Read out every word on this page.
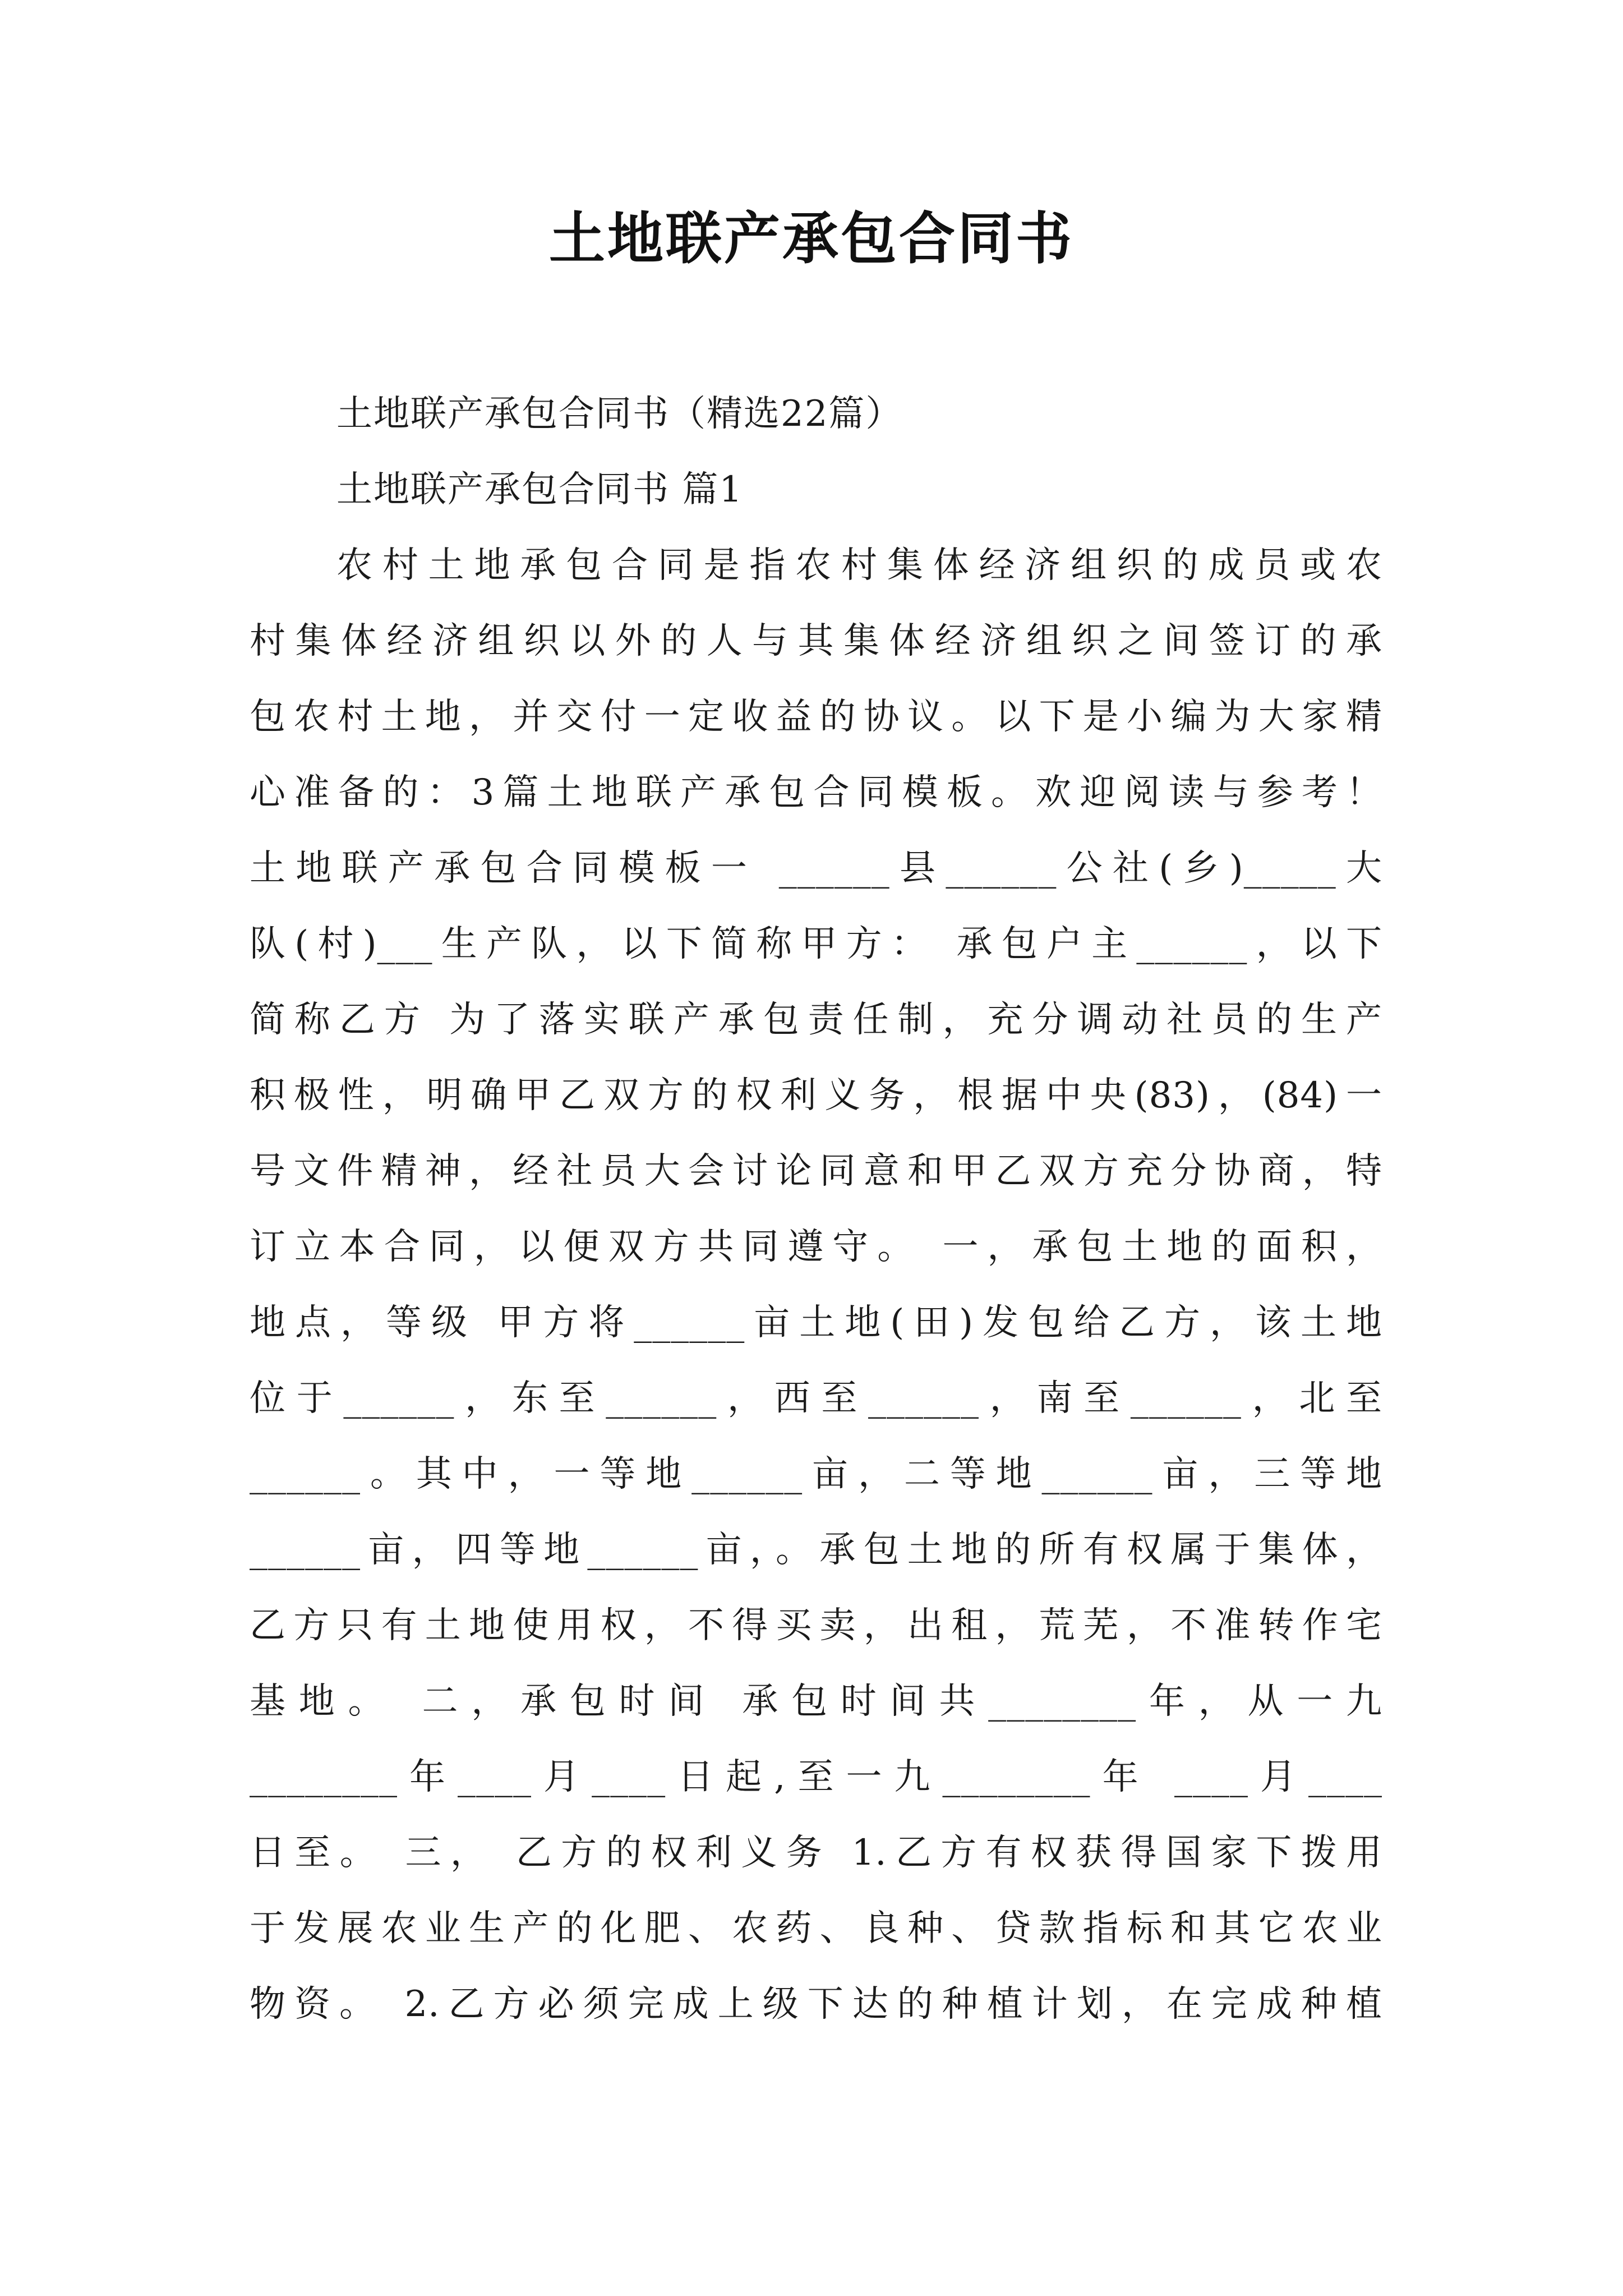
土地联产承包合同书
土地联产承包合同书（精选22篇）
土地联产承包合同书 篇1
农村土地承包合同是指农村集体经济组织的成员或农
村集体经济组织以外的人与其集体经济组织之间签订的承
包农村土地，并交付一定收益的协议。以下是小编为大家精
心准备的：3篇土地联产承包合同模板。欢迎阅读与参考！
土地联产承包合同模板一 ______县______公社(乡)_____大
队(村)___生产队，以下简称甲方： 承包户主______，以下
简称乙方 为了落实联产承包责任制，充分调动社员的生产
积极性，明确甲乙双方的权利义务，根据中央(83)，(84)一
号文件精神，经社员大会讨论同意和甲乙双方充分协商，特
订立本合同，以便双方共同遵守。 一，承包土地的面积，
地点，等级 甲方将______亩土地(田)发包给乙方，该土地
位于______，东至______，西至______，南至______，北至
______。其中，一等地______亩，二等地______亩，三等地
______亩，四等地______亩，。承包土地的所有权属于集体，
乙方只有土地使用权，不得买卖，出租，荒芜，不准转作宅
基地。 二，承包时间 承包时间共________年，从一九
________年____月____日起,至一九________年 ____月____
日至。 三， 乙方的权利义务 1.乙方有权获得国家下拨用
于发展农业生产的化肥、农药、良种、贷款指标和其它农业
物资。 2.乙方必须完成上级下达的种植计划，在完成种植
